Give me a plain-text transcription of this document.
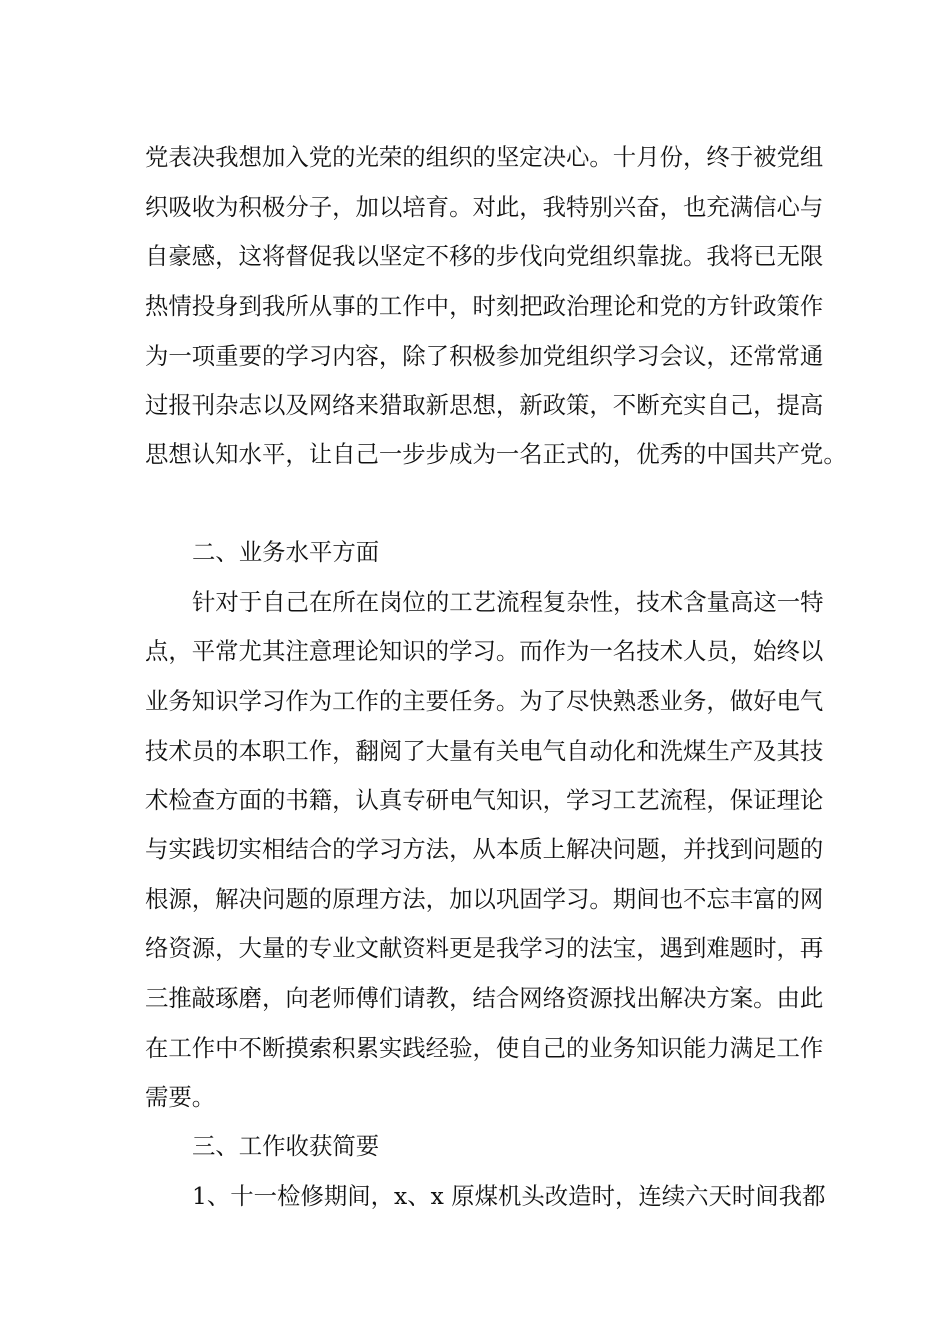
党表决我想加入党的光荣的组织的坚定决心。十月份，终于被党组
织吸收为积极分子，加以培育。对此，我特别兴奋，也充满信心与
自豪感，这将督促我以坚定不移的步伐向党组织靠拢。我将已无限
热情投身到我所从事的工作中，时刻把政治理论和党的方针政策作
为一项重要的学习内容，除了积极参加党组织学习会议，还常常通
过报刊杂志以及网络来猎取新思想，新政策，不断充实自己，提高
思想认知水平，让自己一步步成为一名正式的，优秀的中国共产党。
二、业务水平方面
针对于自己在所在岗位的工艺流程复杂性，技术含量高这一特
点，平常尤其注意理论知识的学习。而作为一名技术人员，始终以
业务知识学习作为工作的主要任务。为了尽快熟悉业务，做好电气
技术员的本职工作，翻阅了大量有关电气自动化和洗煤生产及其技
术检查方面的书籍，认真专研电气知识，学习工艺流程，保证理论
与实践切实相结合的学习方法，从本质上解决问题，并找到问题的
根源，解决问题的原理方法，加以巩固学习。期间也不忘丰富的网
络资源，大量的专业文献资料更是我学习的法宝，遇到难题时，再
三推敲琢磨，向老师傅们请教，结合网络资源找出解决方案。由此
在工作中不断摸索积累实践经验，使自己的业务知识能力满足工作
需要。
三、工作收获简要
1、十一检修期间，x、x 原煤机头改造时，连续六天时间我都
